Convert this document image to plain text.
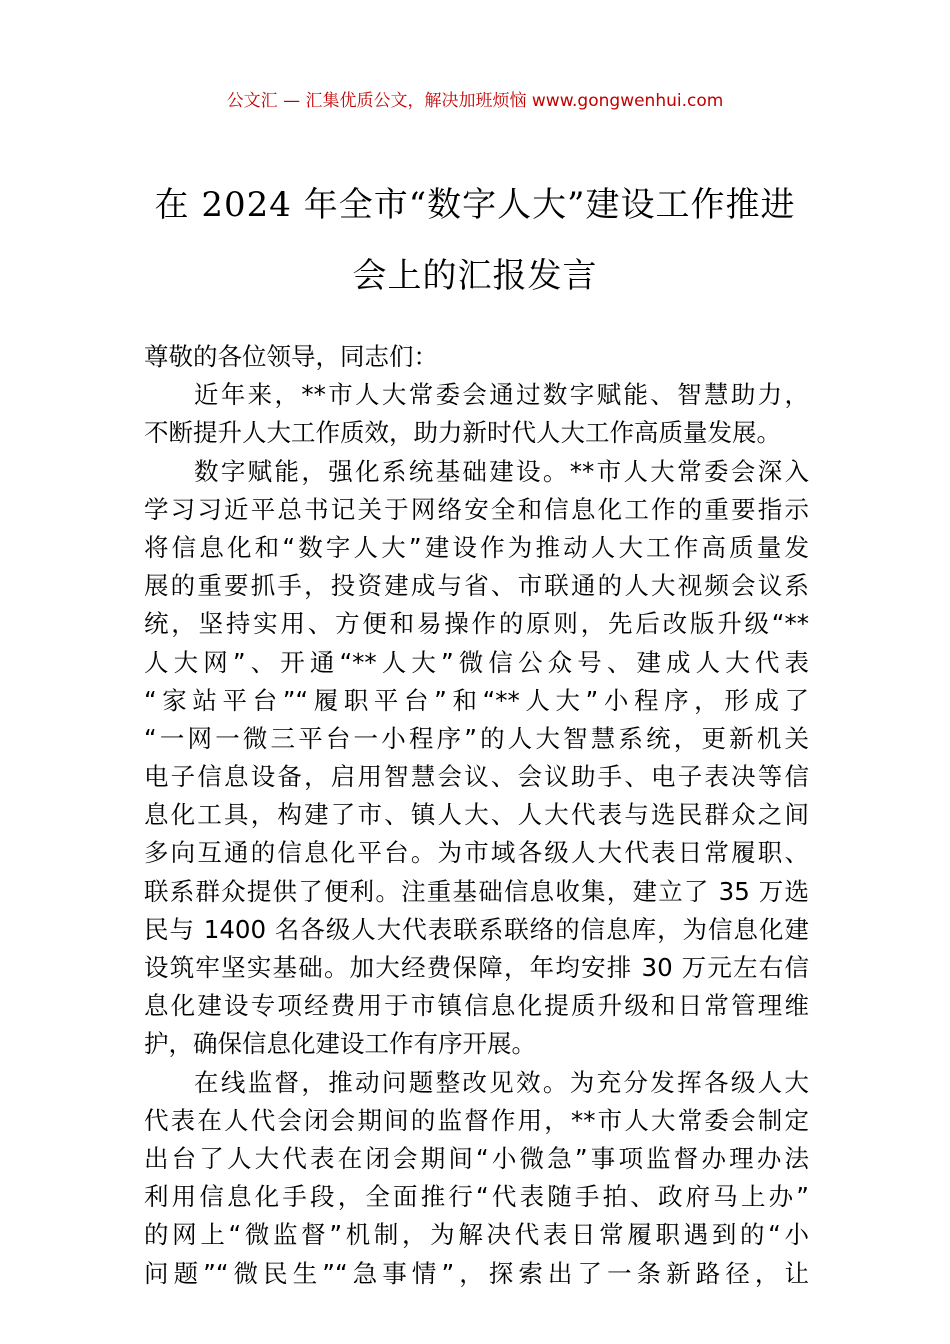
公文汇 — 汇集优质公文，解决加班烦恼 www.gongwenhui.com
在 2024 年全市“数字人大”建设工作推进
会上的汇报发言
尊敬的各位领导，同志们：
近年来，**市人大常委会通过数字赋能、智慧助力，
不断提升人大工作质效，助力新时代人大工作高质量发展。
数字赋能，强化系统基础建设。**市人大常委会深入
学习习近平总书记关于网络安全和信息化工作的重要指示
将信息化和“数字人大”建设作为推动人大工作高质量发
展的重要抓手，投资建成与省、市联通的人大视频会议系
统，坚持实用、方便和易操作的原则，先后改版升级“**
人大网”、开通“**人大”微信公众号、建成人大代表
“家站平台”“履职平台”和“**人大”小程序，形成了
“一网一微三平台一小程序”的人大智慧系统，更新机关
电子信息设备，启用智慧会议、会议助手、电子表决等信
息化工具，构建了市、镇人大、人大代表与选民群众之间
多向互通的信息化平台。为市域各级人大代表日常履职、
联系群众提供了便利。注重基础信息收集，建立了 35 万选
民与 1400 名各级人大代表联系联络的信息库，为信息化建
设筑牢坚实基础。加大经费保障，年均安排 30 万元左右信
息化建设专项经费用于市镇信息化提质升级和日常管理维
护，确保信息化建设工作有序开展。
在线监督，推动问题整改见效。为充分发挥各级人大
代表在人代会闭会期间的监督作用，**市人大常委会制定
出台了人大代表在闭会期间“小微急”事项监督办理办法
利用信息化手段，全面推行“代表随手拍、政府马上办”
的网上“微监督”机制，为解决代表日常履职遇到的“小
问题”“微民生”“急事情”，探索出了一条新路径，让
